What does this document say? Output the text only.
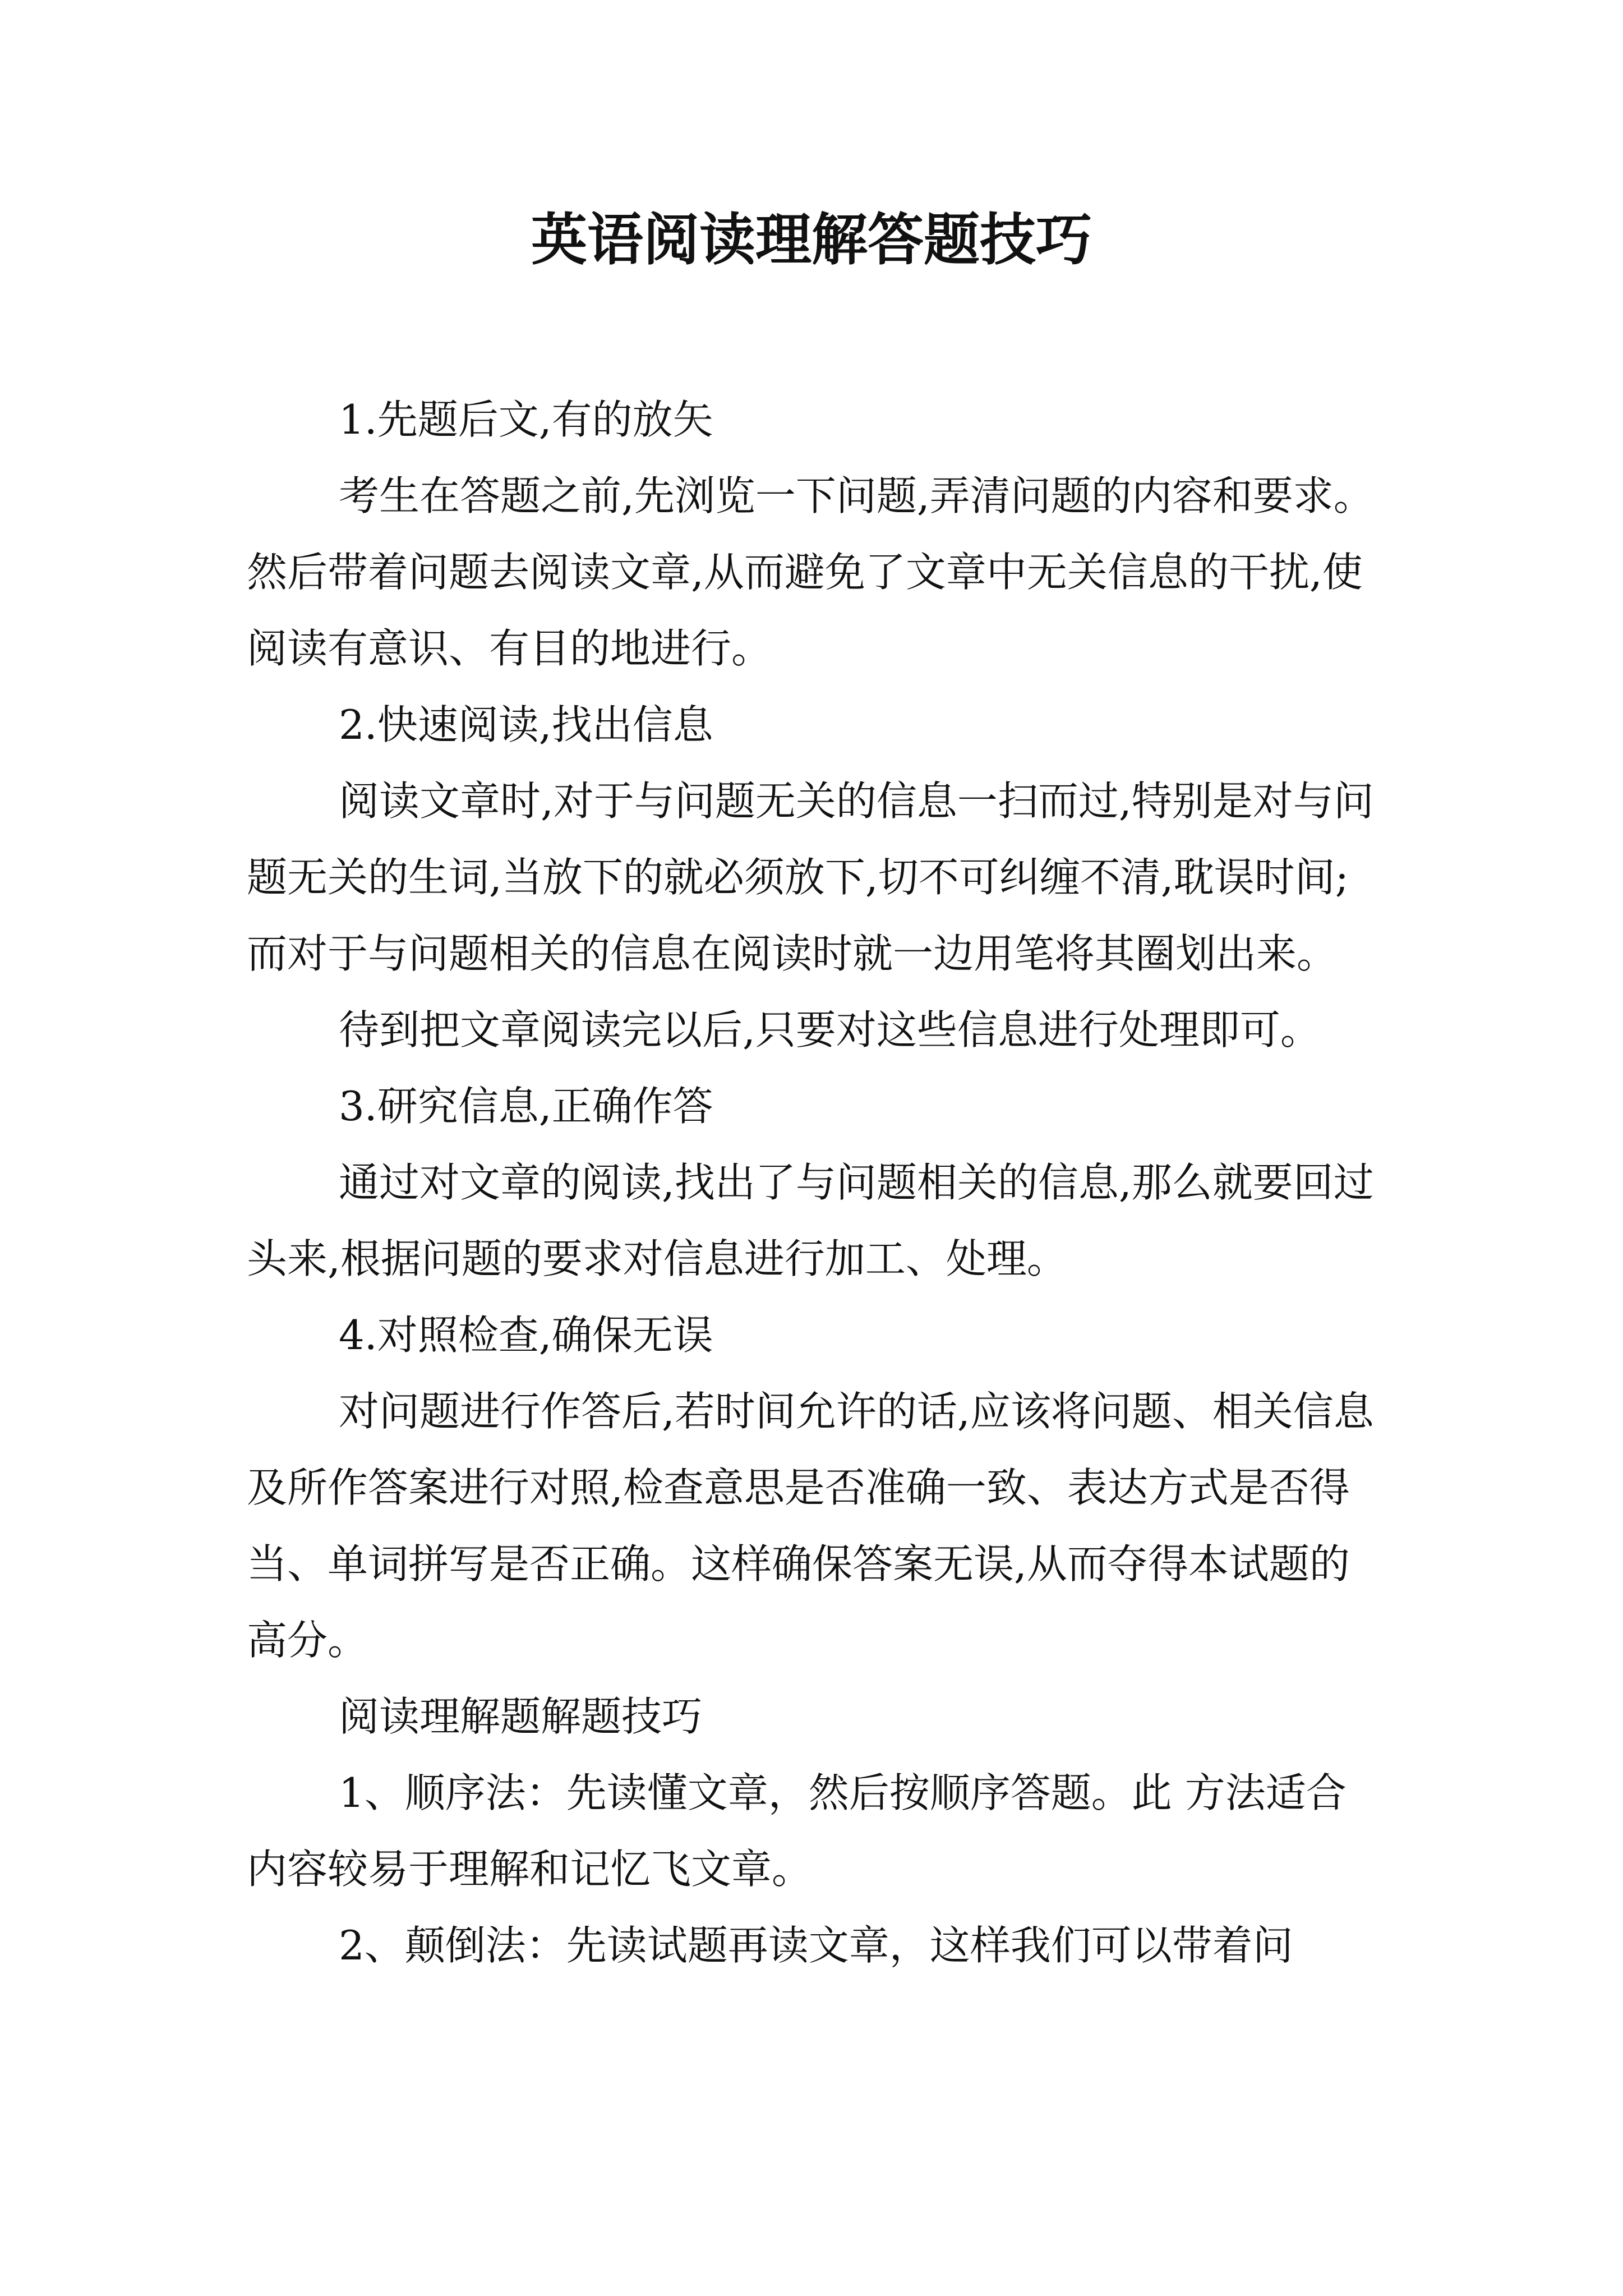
英语阅读理解答题技巧

1.先题后文,有的放矢

考生在答题之前,先浏览一下问题,弄清问题的内容和要求。然后带着问题去阅读文章,从而避免了文章中无关信息的干扰,使阅读有意识、有目的地进行。

2.快速阅读,找出信息

阅读文章时,对于与问题无关的信息一扫而过,特别是对与问题无关的生词,当放下的就必须放下,切不可纠缠不清,耽误时间;而对于与问题相关的信息在阅读时就一边用笔将其圈划出来。

待到把文章阅读完以后,只要对这些信息进行处理即可。

3.研究信息,正确作答

通过对文章的阅读,找出了与问题相关的信息,那么就要回过头来,根据问题的要求对信息进行加工、处理。

4.对照检查,确保无误

对问题进行作答后,若时间允许的话,应该将问题、相关信息及所作答案进行对照,检查意思是否准确一致、表达方式是否得当、单词拼写是否正确。这样确保答案无误,从而夺得本试题的高分。

阅读理解题解题技巧

1、顺序法：先读懂文章，然后按顺序答题。此 方法适合内容较易于理解和记忆飞文章。

2、颠倒法：先读试题再读文章，这样我们可以带着问
